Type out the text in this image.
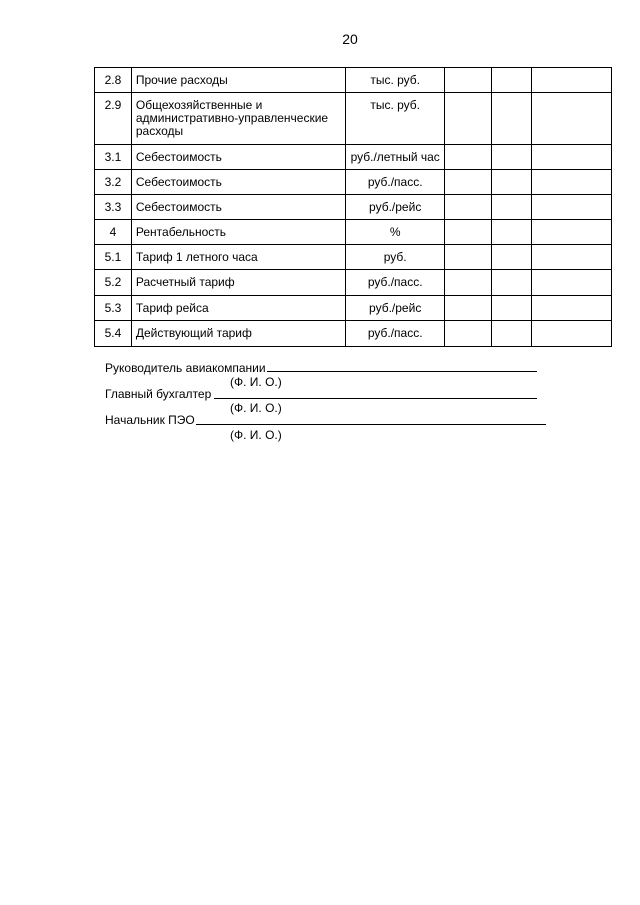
20
2.8	Прочие расходы	тыс. руб.			
2.9	Общехозяйственные и административно-управленческие расходы	тыс. руб.			
3.1	Себестоимость	руб./летный час			
3.2	Себестоимость	руб./пасс.			
3.3	Себестоимость	руб./рейс			
4	Рентабельность	%			
5.1	Тариф 1 летного часа	руб.			
5.2	Расчетный тариф	руб./пасс.			
5.3	Тариф рейса	руб./рейс			
5.4	Действующий тариф	руб./пасс.			
Руководитель авиакомпании
(Ф. И. О.)
Главный бухгалтер
(Ф. И. О.)
Начальник ПЭО
(Ф. И. О.)
